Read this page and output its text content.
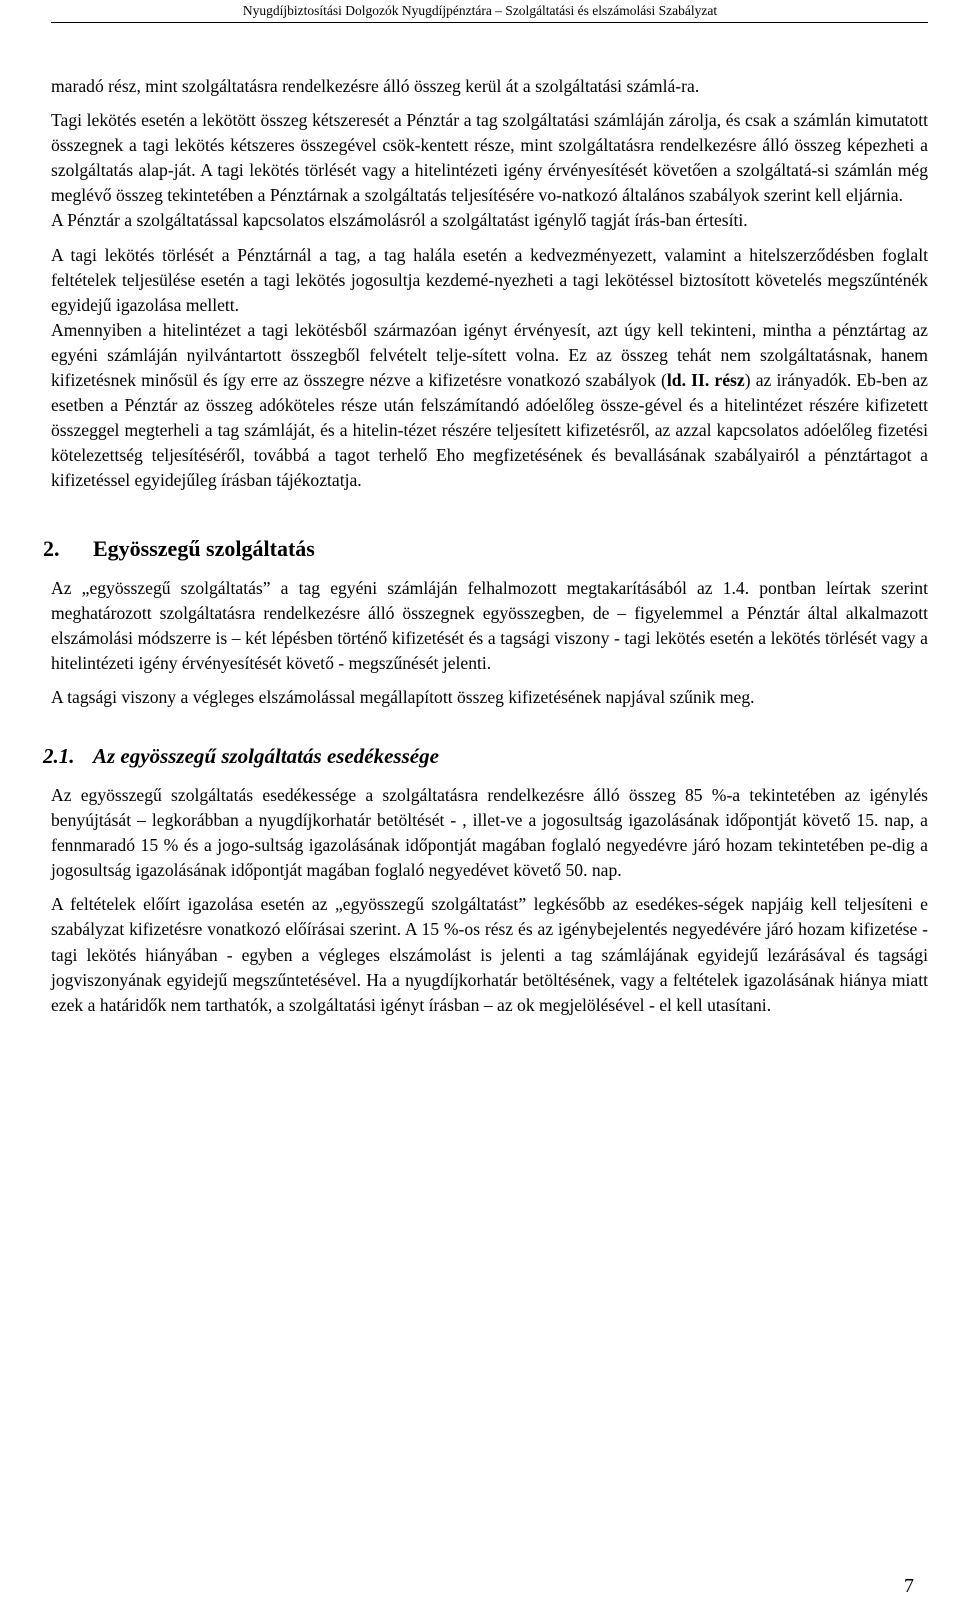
Nyugdíjbiztosítási Dolgozók Nyugdíjpénztára – Szolgáltatási és elszámolási Szabályzat

maradó rész, mint szolgáltatásra rendelkezésre álló összeg kerül át a szolgáltatási számlá-ra.

Tagi lekötés esetén a lekötött összeg kétszeresét a Pénztár a tag szolgáltatási számláján zárolja, és csak a számlán kimutatott összegnek a tagi lekötés kétszeres összegével csök-kentett része, mint szolgáltatásra rendelkezésre álló összeg képezheti a szolgáltatás alap-ját. A tagi lekötés törlését vagy a hitelintézeti igény érvényesítését követően a szolgáltatá-si számlán még meglévő összeg tekintetében a Pénztárnak a szolgáltatás teljesítésére vo-natkozó általános szabályok szerint kell eljárnia.

A Pénztár a szolgáltatással kapcsolatos elszámolásról a szolgáltatást igénylő tagját írás-ban értesíti.

A tagi lekötés törlését a Pénztárnál a tag, a tag halála esetén a kedvezményezett, valamint a hitelszerződésben foglalt feltételek teljesülése esetén a tagi lekötés jogosultja kezdemé-nyezheti a tagi lekötéssel biztosított követelés megszűnténék egyidejű igazolása mellett.

Amennyiben a hitelintézet a tagi lekötésből származóan igényt érvényesít, azt úgy kell tekinteni, mintha a pénztártag az egyéni számláján nyilvántartott összegből felvételt telje-sített volna. Ez az összeg tehát nem szolgáltatásnak, hanem kifizetésnek minősül és így erre az összegre nézve a kifizetésre vonatkozó szabályok (ld. II. rész) az irányadók. Eb-ben az esetben a Pénztár az összeg adóköteles része után felszámítandó adóelőleg össze-gével és a hitelintézet részére kifizetett összeggel megterheli a tag számláját, és a hitelin-tézet részére teljesített kifizetésről, az azzal kapcsolatos adóelőleg fizetési kötelezettség teljesítéséről, továbbá a tagot terhelő Eho megfizetésének és bevallásának szabályairól a pénztártagot a kifizetéssel egyidejűleg írásban tájékoztatja.

2.	Egyösszegű szolgáltatás

Az „egyösszegű szolgáltatás” a tag egyéni számláján felhalmozott megtakarításából az 1.4. pontban leírtak szerint meghatározott szolgáltatásra rendelkezésre álló összegnek egyösszegben, de – figyelemmel a Pénztár által alkalmazott elszámolási módszerre is – két lépésben történő kifizetését és a tagsági viszony - tagi lekötés esetén a lekötés törlését vagy a hitelintézeti igény érvényesítését követő - megszűnését jelenti.

A tagsági viszony a végleges elszámolással megállapított összeg kifizetésének napjával szűnik meg.

2.1. Az egyösszegű szolgáltatás esedékessége

Az egyösszegű szolgáltatás esedékessége a szolgáltatásra rendelkezésre álló összeg 85 %-a tekintetében az igénylés benyújtását – legkorábban a nyugdíjkorhatár betöltését - , illet-ve a jogosultság igazolásának időpontját követő 15. nap, a fennmaradó 15 % és a jogo-sultság igazolásának időpontját magában foglaló negyedévre járó hozam tekintetében pe-dig a jogosultság igazolásának időpontját magában foglaló negyedévet követő 50. nap.

A feltételek előírt igazolása esetén az „egyösszegű szolgáltatást” legkésőbb az esedékes-ségek napjáig kell teljesíteni e szabályzat kifizetésre vonatkozó előírásai szerint. A 15 %-os rész és az igénybejelentés negyedévére járó hozam kifizetése - tagi lekötés hiányában - egyben a végleges elszámolást is jelenti a tag számlájának egyidejű lezárásával és tagsági jogviszonyának egyidejű megszűntetésével. Ha a nyugdíjkorhatár betöltésének, vagy a feltételek igazolásának hiánya miatt ezek a határidők nem tarthatók, a szolgáltatási igényt írásban – az ok megjelölésével - el kell utasítani.

7
